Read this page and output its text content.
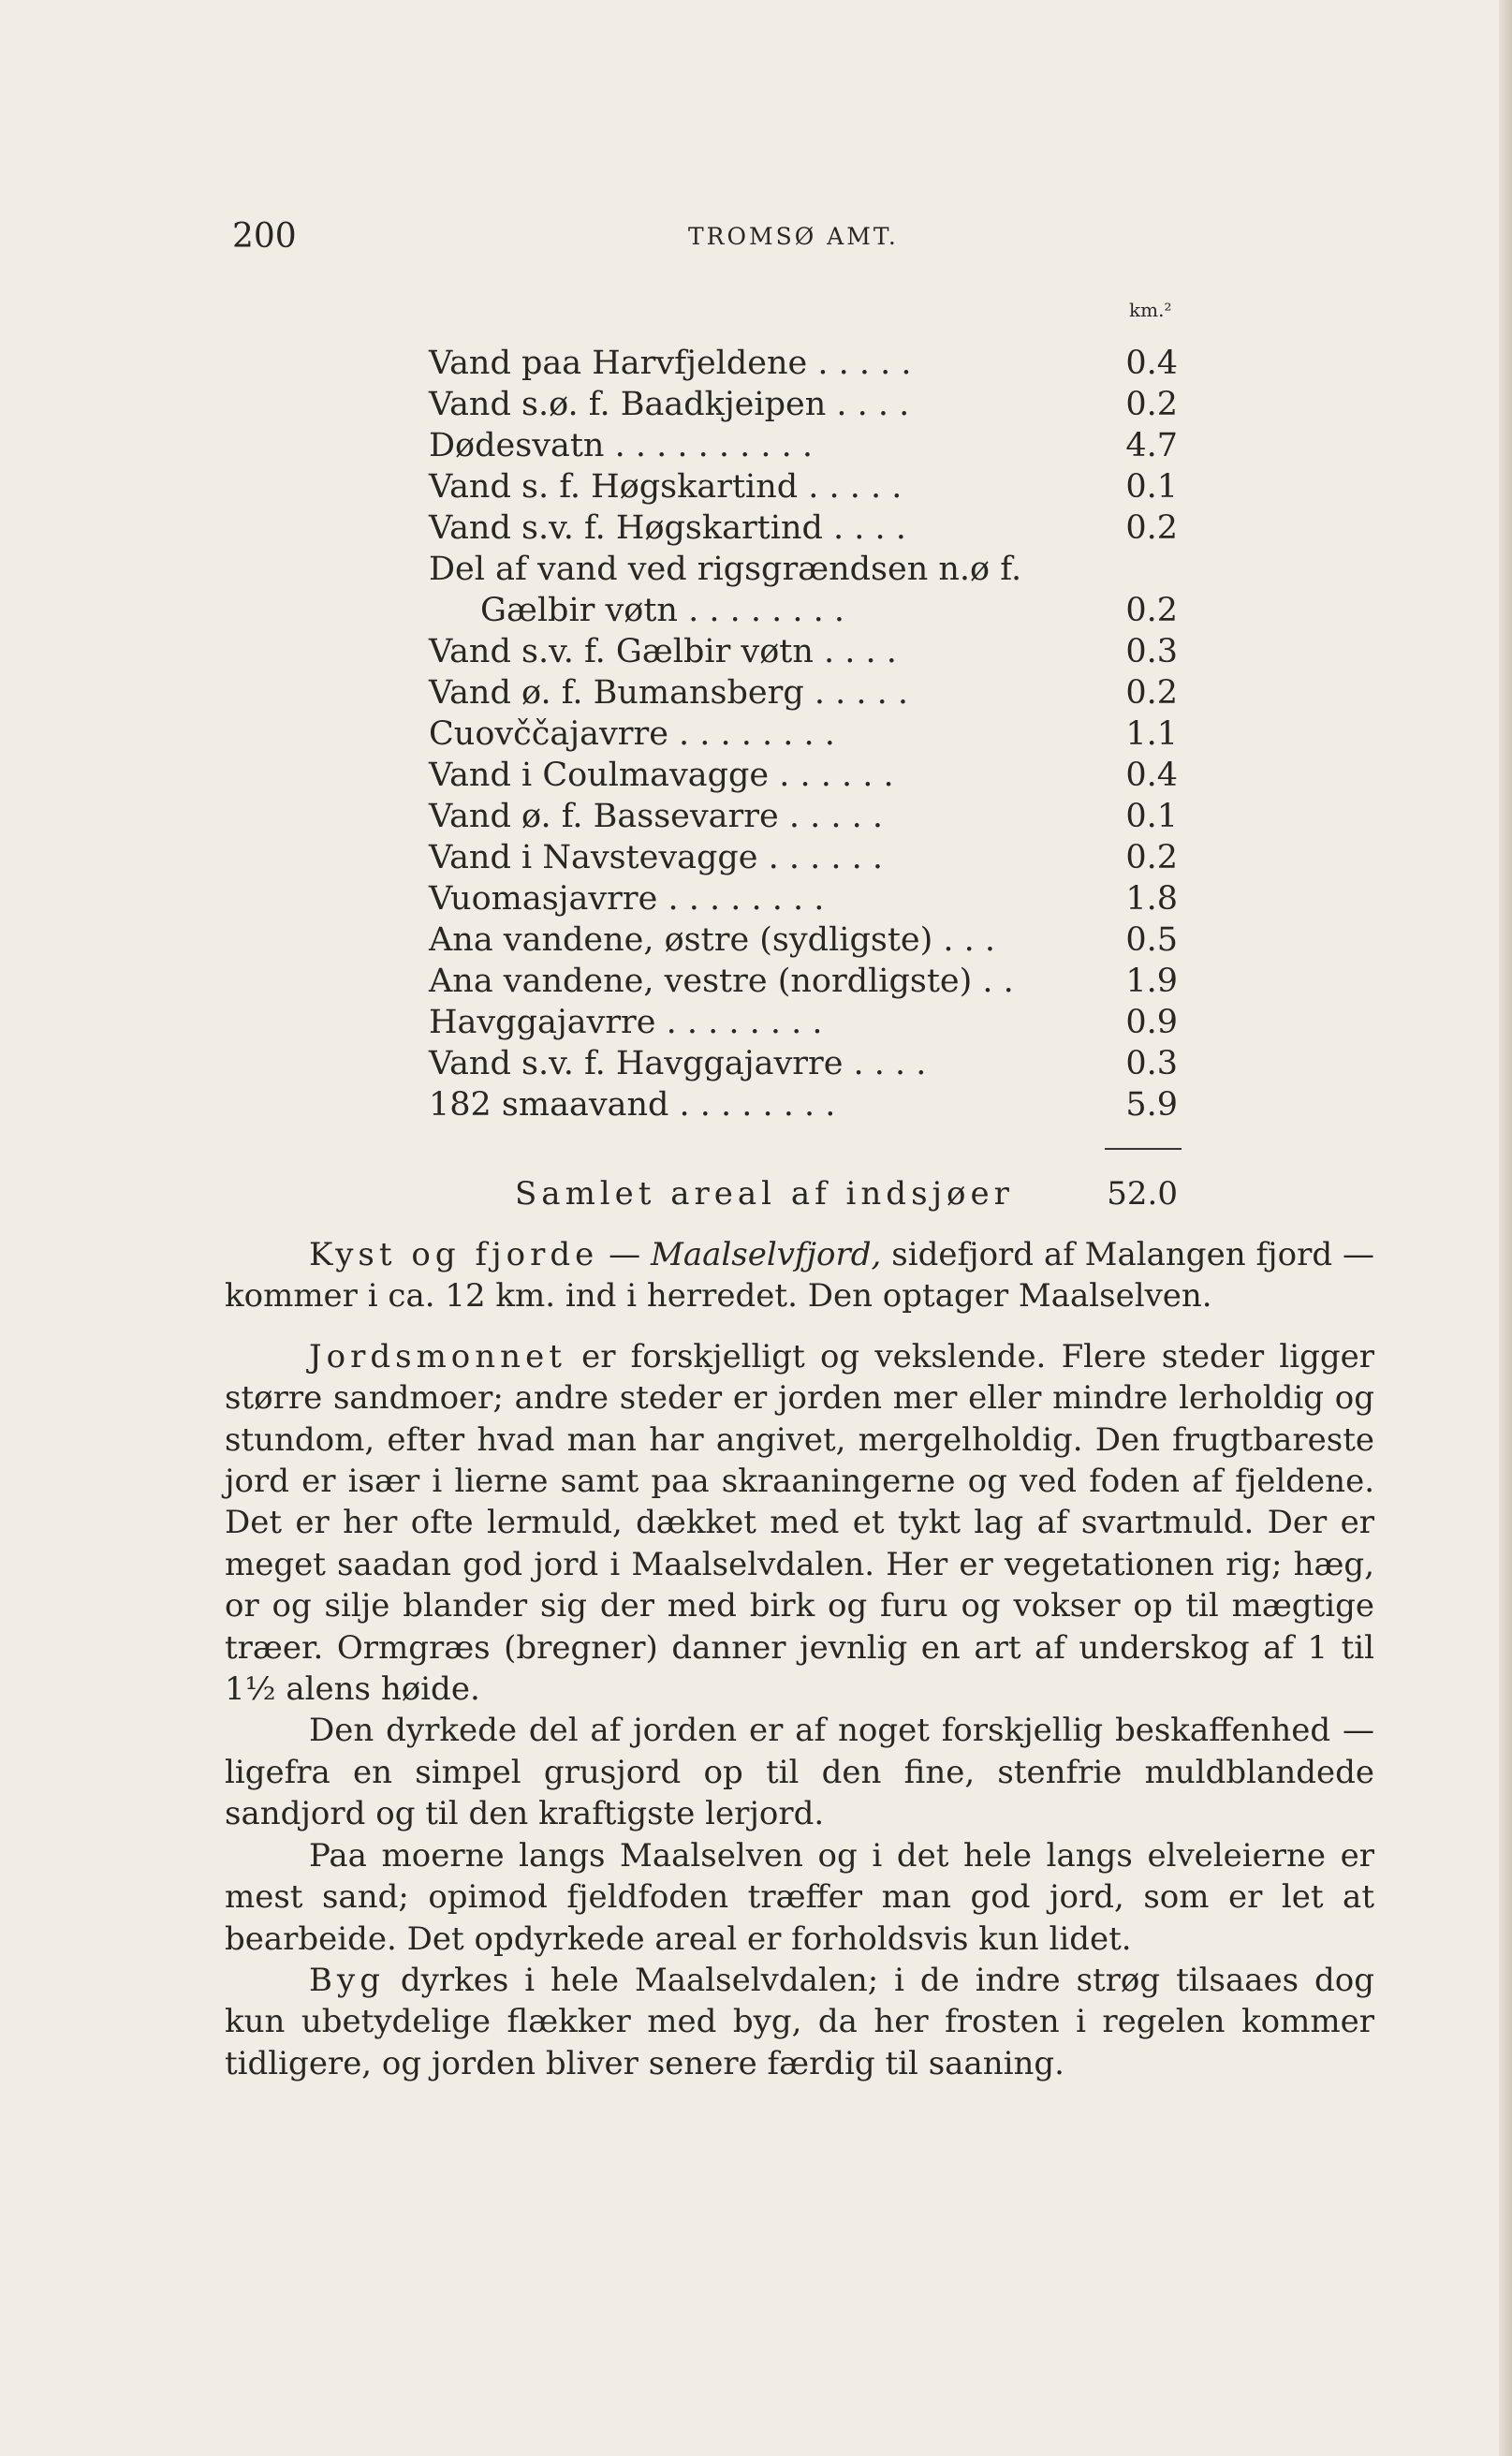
200	TROMSØ AMT.
km.²
Vand paa Harvfjeldene . . . . .	0.4
Vand s.ø. f. Baadkjeipen . . . .	0.2
Dødesvatn . . . . . . . . . .	4.7
Vand s. f. Høgskartind . . . . .	0.1
Vand s.v. f. Høgskartind . . . .	0.2
Del af vand ved rigsgrændsen n.ø f.
Gælbir vøtn . . . . . . . .	0.2
Vand s.v. f. Gælbir vøtn . . . .	0.3
Vand ø. f. Bumansberg . . . . .	0.2
Cuovččajavrre . . . . . . . .	1.1
Vand i Coulmavagge . . . . . .	0.4
Vand ø. f. Bassevarre . . . . .	0.1
Vand i Navstevagge . . . . . .	0.2
Vuomasjavrre . . . . . . . .	1.8
Ana vandene, østre (sydligste) . . .	0.5
Ana vandene, vestre (nordligste) . .	1.9
Havggajavrre . . . . . . . .	0.9
Vand s.v. f. Havggajavrre . . . .	0.3
182 smaavand . . . . . . . .	5.9
Samlet areal af indsjøer	52.0

Kyst og fjorde — Maalselvfjord, sidefjord af Malangen fjord — kommer i ca. 12 km. ind i herredet. Den optager Maalselven.

Jordsmonnet er forskjelligt og vekslende. Flere steder ligger større sandmoer; andre steder er jorden mer eller mindre lerholdig og stundom, efter hvad man har angivet, mergelholdig. Den frugtbareste jord er især i lierne samt paa skraaningerne og ved foden af fjeldene. Det er her ofte lermuld, dækket med et tykt lag af svartmuld. Der er meget saadan god jord i Maalselvdalen. Her er vegetationen rig; hæg, or og silje blander sig der med birk og furu og vokser op til mægtige træer. Ormgræs (bregner) danner jevnlig en art af underskog af 1 til 1½ alens høide.

Den dyrkede del af jorden er af noget forskjellig beskaffenhed — ligefra en simpel grusjord op til den fine, stenfrie muldblandede sandjord og til den kraftigste lerjord.

Paa moerne langs Maalselven og i det hele langs elveleierne er mest sand; opimod fjeldfoden træffer man god jord, som er let at bearbeide. Det opdyrkede areal er forholdsvis kun lidet.

Byg dyrkes i hele Maalselvdalen; i de indre strøg tilsaaes dog kun ubetydelige flækker med byg, da her frosten i regelen kommer tidligere, og jorden bliver senere færdig til saaning.
